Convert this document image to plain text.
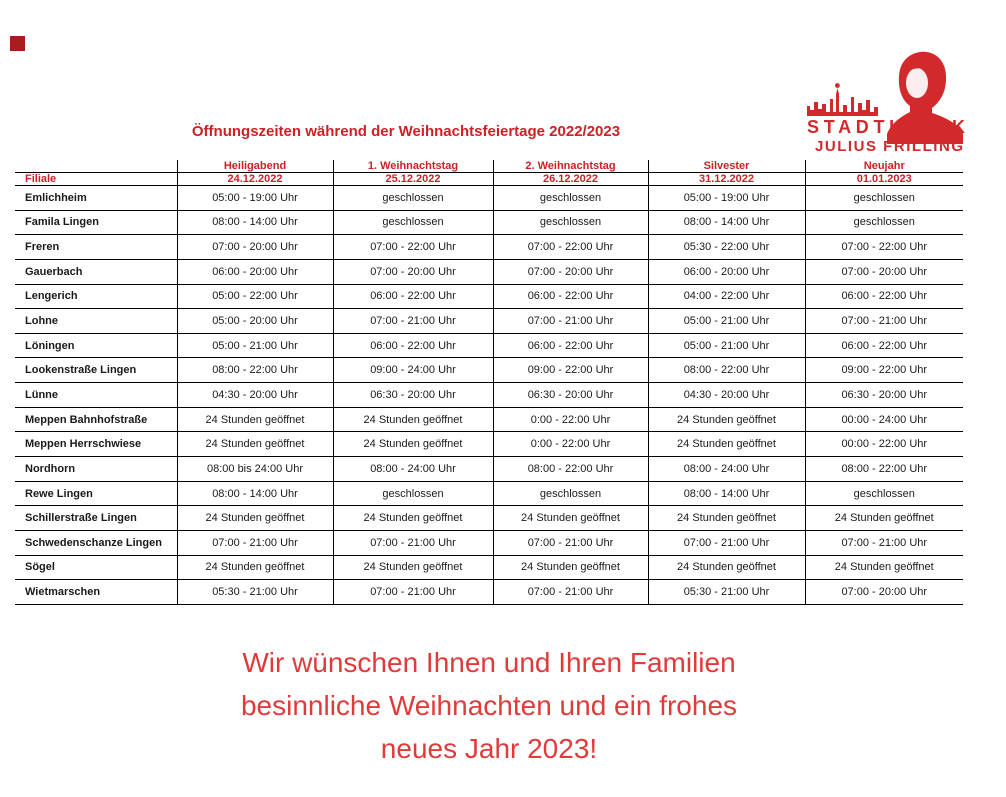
Öffnungszeiten während der Weihnachtsfeiertage 2022/2023	STADTKIOSK
JULIUS FRILLING
	Heiligabend	1. Weihnachtstag	2. Weihnachtstag	Silvester	Neujahr
Filiale	24.12.2022	25.12.2022	26.12.2022	31.12.2022	01.01.2023
Emlichheim	05:00 - 19:00 Uhr	geschlossen	geschlossen	05:00 - 19:00 Uhr	geschlossen
Famila Lingen	08:00 - 14:00 Uhr	geschlossen	geschlossen	08:00 - 14:00 Uhr	geschlossen
Freren	07:00 - 20:00 Uhr	07:00 - 22:00 Uhr	07:00 - 22:00 Uhr	05:30 - 22:00 Uhr	07:00 - 22:00 Uhr
Gauerbach	06:00 - 20:00 Uhr	07:00 - 20:00 Uhr	07:00 - 20:00 Uhr	06:00 - 20:00 Uhr	07:00 - 20:00 Uhr
Lengerich	05:00 - 22:00 Uhr	06:00 - 22:00 Uhr	06:00 - 22:00 Uhr	04:00 - 22:00 Uhr	06:00 - 22:00 Uhr
Lohne	05:00 - 20:00 Uhr	07:00 - 21:00 Uhr	07:00 - 21:00 Uhr	05:00 - 21:00 Uhr	07:00 - 21:00 Uhr
Löningen	05:00 - 21:00 Uhr	06:00 - 22:00 Uhr	06:00 - 22:00 Uhr	05:00 - 21:00 Uhr	06:00 - 22:00 Uhr
Lookenstraße Lingen	08:00 - 22:00 Uhr	09:00 - 24:00 Uhr	09:00 - 22:00 Uhr	08:00 - 22:00 Uhr	09:00 - 22:00 Uhr
Lünne	04:30 - 20:00 Uhr	06:30 - 20:00 Uhr	06:30 - 20:00 Uhr	04:30 - 20:00 Uhr	06:30 - 20:00 Uhr
Meppen Bahnhofstraße	24 Stunden geöffnet	24 Stunden geöffnet	0:00 - 22:00 Uhr	24 Stunden geöffnet	00:00 - 24:00 Uhr
Meppen Herrschwiese	24 Stunden geöffnet	24 Stunden geöffnet	0:00 - 22:00 Uhr	24 Stunden geöffnet	00:00 - 22:00 Uhr
Nordhorn	08:00 bis 24:00 Uhr	08:00 - 24:00 Uhr	08:00 - 22:00 Uhr	08:00 - 24:00 Uhr	08:00 - 22:00 Uhr
Rewe Lingen	08:00 - 14:00 Uhr	geschlossen	geschlossen	08:00 - 14:00 Uhr	geschlossen
Schillerstraße Lingen	24 Stunden geöffnet	24 Stunden geöffnet	24 Stunden geöffnet	24 Stunden geöffnet	24 Stunden geöffnet
Schwedenschanze Lingen	07:00 - 21:00 Uhr	07:00 - 21:00 Uhr	07:00 - 21:00 Uhr	07:00 - 21:00 Uhr	07:00 - 21:00 Uhr
Sögel	24 Stunden geöffnet	24 Stunden geöffnet	24 Stunden geöffnet	24 Stunden geöffnet	24 Stunden geöffnet
Wietmarschen	05:30 - 21:00 Uhr	07:00 - 21:00 Uhr	07:00 - 21:00 Uhr	05:30 - 21:00 Uhr	07:00 - 20:00 Uhr
Wir wünschen Ihnen und Ihren Familien
besinnliche Weihnachten und ein frohes
neues Jahr 2023!
